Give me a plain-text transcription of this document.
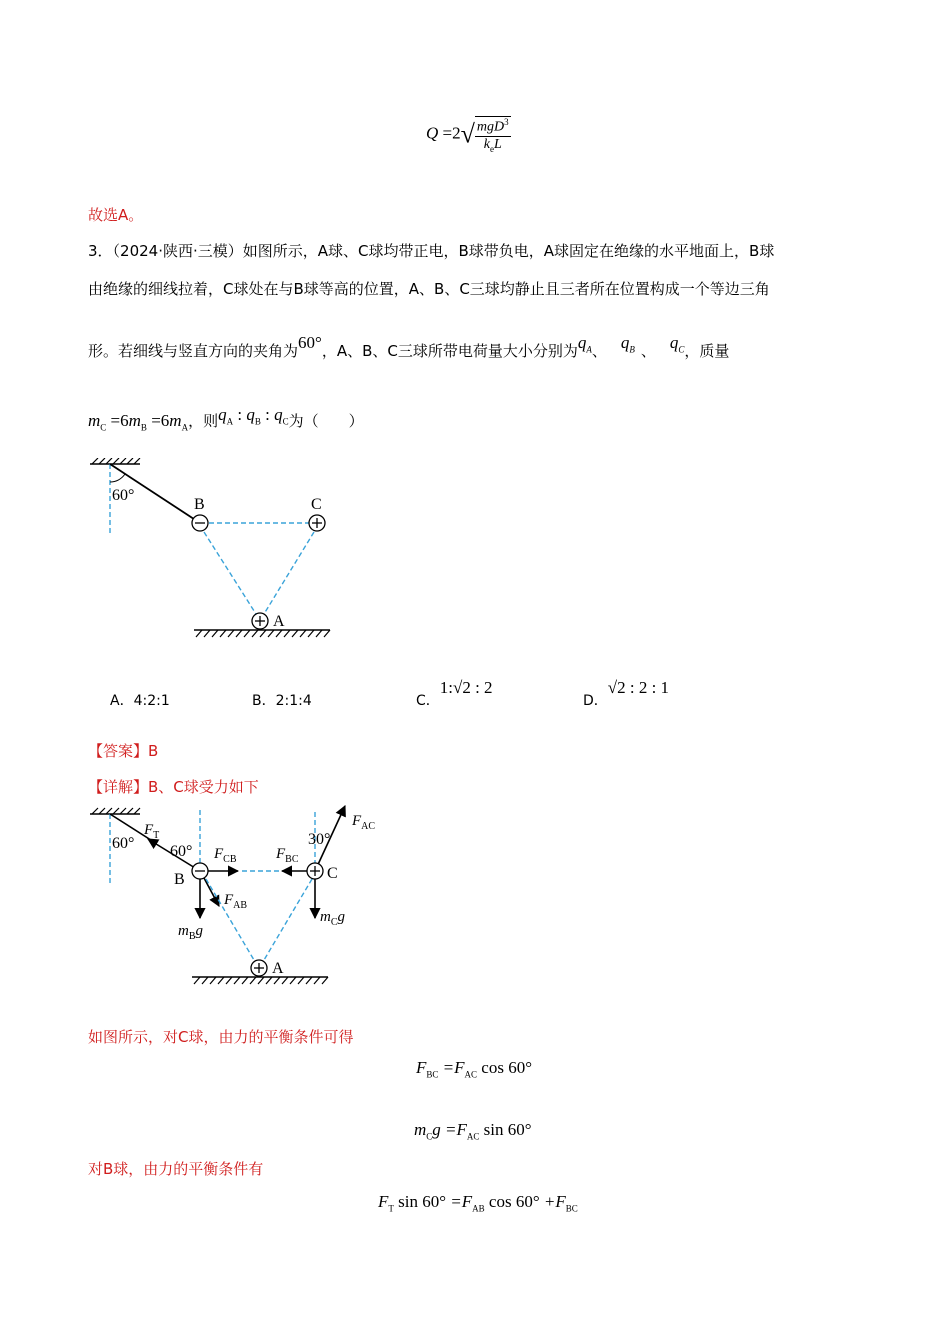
$Q =2√ \frac{mgD^3}{k_eL}$
故选A。
3．（2024·陕西·三模）如图所示，A球、C球均带正电，B球带负电，A球固定在绝缘的水平地面上，B球
由绝缘的细线拉着，C球处在与B球等高的位置，A、B、C三球均静止且三者所在位置构成一个等边三角
形。若细线与竖直方向的夹角为60°，A、B、C三球所带电荷量大小分别为$q_A$、 $q_B$ 、 $q_C$，质量
$m_C =6m_B =6m_A$，则$q_A$ : $q_B$ : $q_C$为（　　）
60°
B	C
A
A．4:2:1	B．2:1:4	C．1:√2 : 2
D．√2 : 2 : 1
【答案】B
【详解】B、C球受力如下
60°
$F_T$
60° $F_{CB}$	$F_{BC}$
30°
$F_{AC}$
$m_Bg$
$F_{AB}$
$m_Cg$
B	C
A
如图所示，对C球，由力的平衡条件可得
$F_{BC} =F_{AC}$ cos 60°
$m_Cg =F_{AC}$ sin 60°
对B球，由力的平衡条件有
$F_T$ $\sin 60^\circ =F_{AB}$ $\cos 60^\circ +F_{BC}$
